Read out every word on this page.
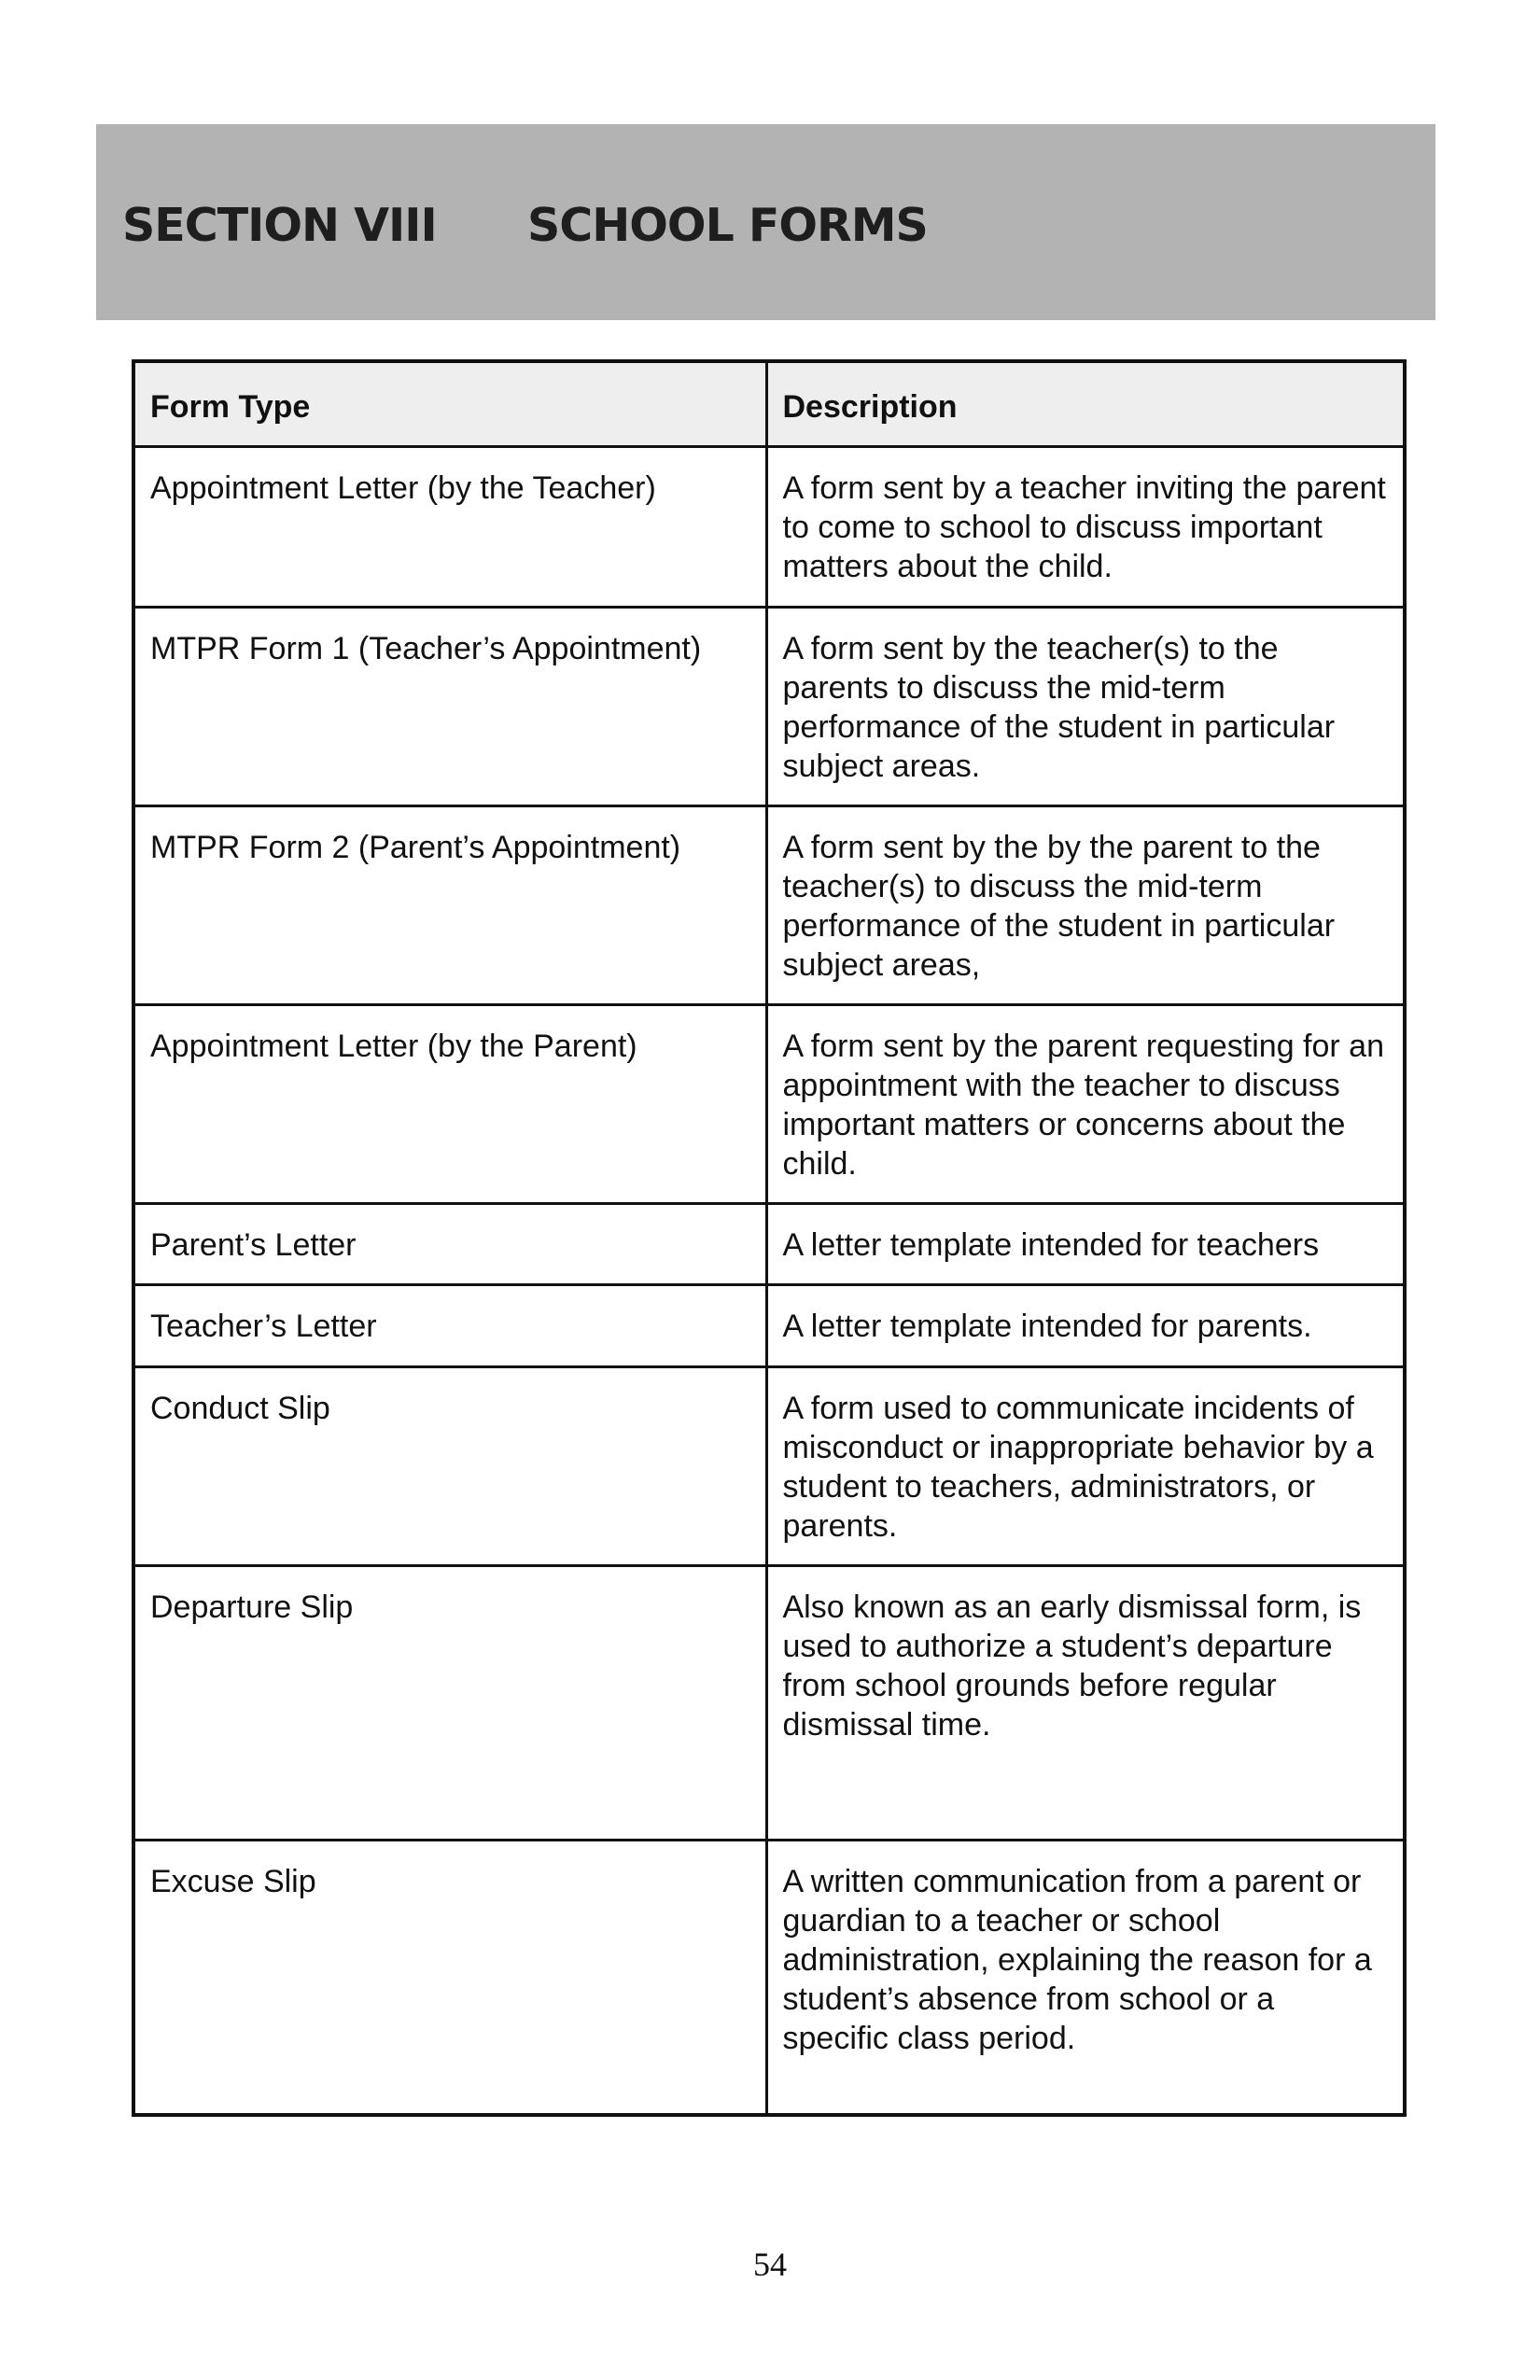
SECTION VIII SCHOOL FORMS
Form Type	Description
Appointment Letter (by the Teacher)	A form sent by a teacher inviting the parent to come to school to discuss important matters about the child.
MTPR Form 1 (Teacher’s Appointment)	A form sent by the teacher(s) to the parents to discuss the mid-term performance of the student in particular subject areas.
MTPR Form 2 (Parent’s Appointment)	A form sent by the by the parent to the teacher(s) to discuss the mid-term performance of the student in particular subject areas,
Appointment Letter (by the Parent)	A form sent by the parent requesting for an appointment with the teacher to discuss important matters or concerns about the child.
Parent’s Letter	A letter template intended for teachers
Teacher’s Letter	A letter template intended for parents.
Conduct Slip	A form used to communicate incidents of misconduct or inappropriate behavior by a student to teachers, administrators, or parents.
Departure Slip	Also known as an early dismissal form, is used to authorize a student’s departure from school grounds before regular dismissal time.
Excuse Slip	A written communication from a parent or guardian to a teacher or school administration, explaining the reason for a student’s absence from school or a specific class period.
54
